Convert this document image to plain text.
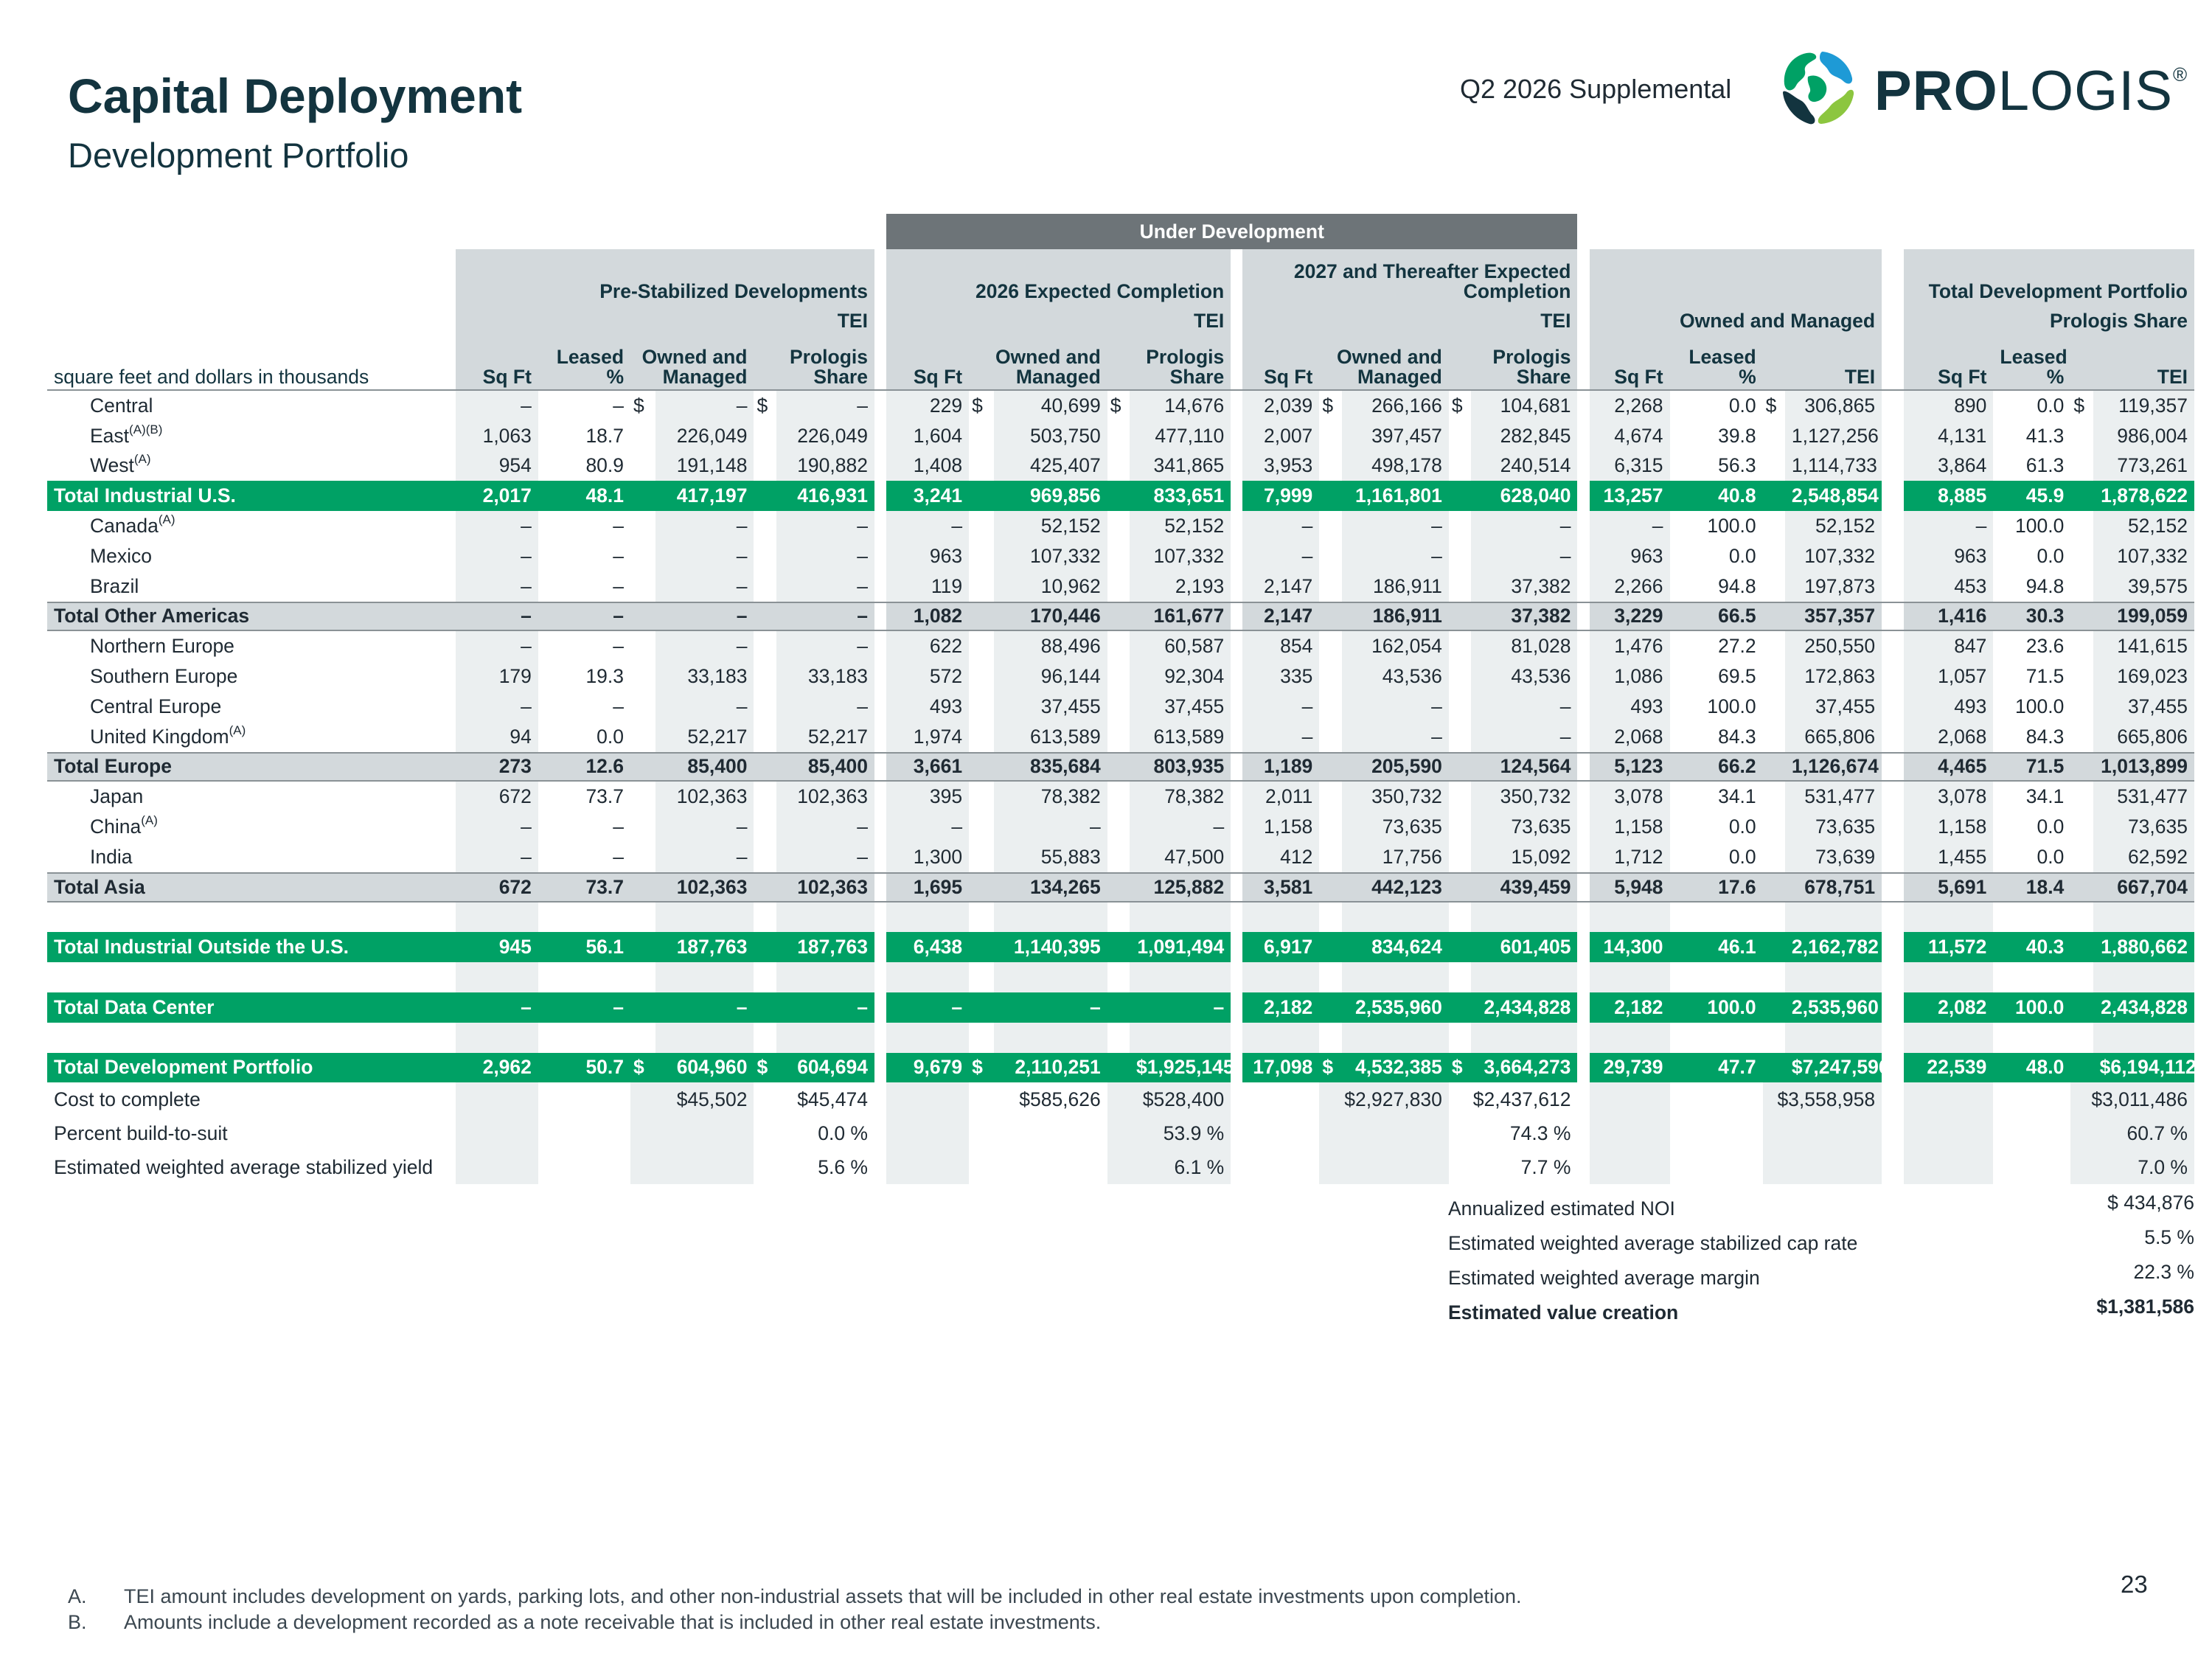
Capital Deployment
Development Portfolio
Q2 2026 Supplemental	PROLOGIS®
								Under Development																				
		Pre-Stabilized Developments						2026 Expected Completion						2027 and Thereafter Expected Completion											Total Development Portfolio			
			TEI						TEI						TEI					Owned and Managed					Prologis Share			
square feet and dollars in thousands	Sq Ft	Leased %	Owned and Managed		Prologis Share			Sq Ft	Owned and Managed		Prologis Share			Sq Ft	Owned and Managed		Prologis Share			Sq Ft	Leased %	TEI			Sq Ft	Leased %	TEI	
Central	–	–	$	–	$	–		229	$	40,699	$	14,676		2,039	$	266,166	$	104,681		2,268	0.0	$	306,865		890	0.0	$	119,357
East$^{(A)(B)}$	1,063	18.7		226,049		226,049		1,604		503,750		477,110		2,007		397,457		282,845		4,674	39.8		1,127,256		4,131	41.3		986,004
West$^{(A)}$	954	80.9		191,148		190,882		1,408		425,407		341,865		3,953		498,178		240,514		6,315	56.3		1,114,733		3,864	61.3		773,261
Total Industrial U.S.	2,017	48.1		417,197		416,931		3,241		969,856		833,651		7,999		1,161,801		628,040		13,257	40.8		2,548,854		8,885	45.9		1,878,622
Canada$^{(A)}$	–	–		–		–		–		52,152		52,152		–		–		–		–	100.0		52,152		–	100.0		52,152
Mexico	–	–		–		–		963		107,332		107,332		–		–		–		963	0.0		107,332		963	0.0		107,332
Brazil	–	–		–		–		119		10,962		2,193		2,147		186,911		37,382		2,266	94.8		197,873		453	94.8		39,575
Total Other Americas	–	–		–		–		1,082		170,446		161,677		2,147		186,911		37,382		3,229	66.5		357,357		1,416	30.3		199,059
Northern Europe	–	–		–		–		622		88,496		60,587		854		162,054		81,028		1,476	27.2		250,550		847	23.6		141,615
Southern Europe	179	19.3		33,183		33,183		572		96,144		92,304		335		43,536		43,536		1,086	69.5		172,863		1,057	71.5		169,023
Central Europe	–	–		–		–		493		37,455		37,455		–		–		–		493	100.0		37,455		493	100.0		37,455
United Kingdom$^{(A)}$	94	0.0		52,217		52,217		1,974		613,589		613,589		–		–		–		2,068	84.3		665,806		2,068	84.3		665,806
Total Europe	273	12.6		85,400		85,400		3,661		835,684		803,935		1,189		205,590		124,564		5,123	66.2		1,126,674		4,465	71.5		1,013,899
Japan	672	73.7		102,363		102,363		395		78,382		78,382		2,011		350,732		350,732		3,078	34.1		531,477		3,078	34.1		531,477
China$^{(A)}$	–	–		–		–		–		–		–		1,158		73,635		73,635		1,158	0.0		73,635		1,158	0.0		73,635
India	–	–		–		–		1,300		55,883		47,500		412		17,756		15,092		1,712	0.0		73,639		1,455	0.0		62,592
Total Asia	672	73.7		102,363		102,363		1,695		134,265		125,882		3,581		442,123		439,459		5,948	17.6		678,751		5,691	18.4		667,704

Total Industrial Outside the U.S.	945	56.1		187,763		187,763		6,438		1,140,395		1,091,494		6,917		834,624		601,405		14,300	46.1		2,162,782		11,572	40.3		1,880,662

Total Data Center	–	–		–		–		–		–		–		2,182		2,535,960		2,434,828		2,182	100.0		2,535,960		2,082	100.0		2,434,828

Total Development Portfolio	2,962	50.7	$	604,960	$	604,694		9,679	$	2,110,251		$1,925,145		17,098	$	4,532,385	$	3,664,273		29,739	47.7		$7,247,596		22,539	48.0		$6,194,112
Cost to complete			$45,502		$45,474				$585,626		$528,400				$2,927,830		$2,437,612					$3,558,958					$3,011,486	
Percent build-to-suit					0.0 %						53.9 %						74.3 %										60.7 %	
Estimated weighted average stabilized yield					5.6 %						6.1 %						7.7 %										7.0 %	
Annualized estimated NOI	$ 434,876
Estimated weighted average stabilized cap rate	5.5 %
Estimated weighted average margin	22.3 %
Estimated value creation	$1,381,586
A.	TEI amount includes development on yards, parking lots, and other non-industrial assets that will be included in other real estate investments upon completion.
B.	Amounts include a development recorded as a note receivable that is included in other real estate investments.
23
